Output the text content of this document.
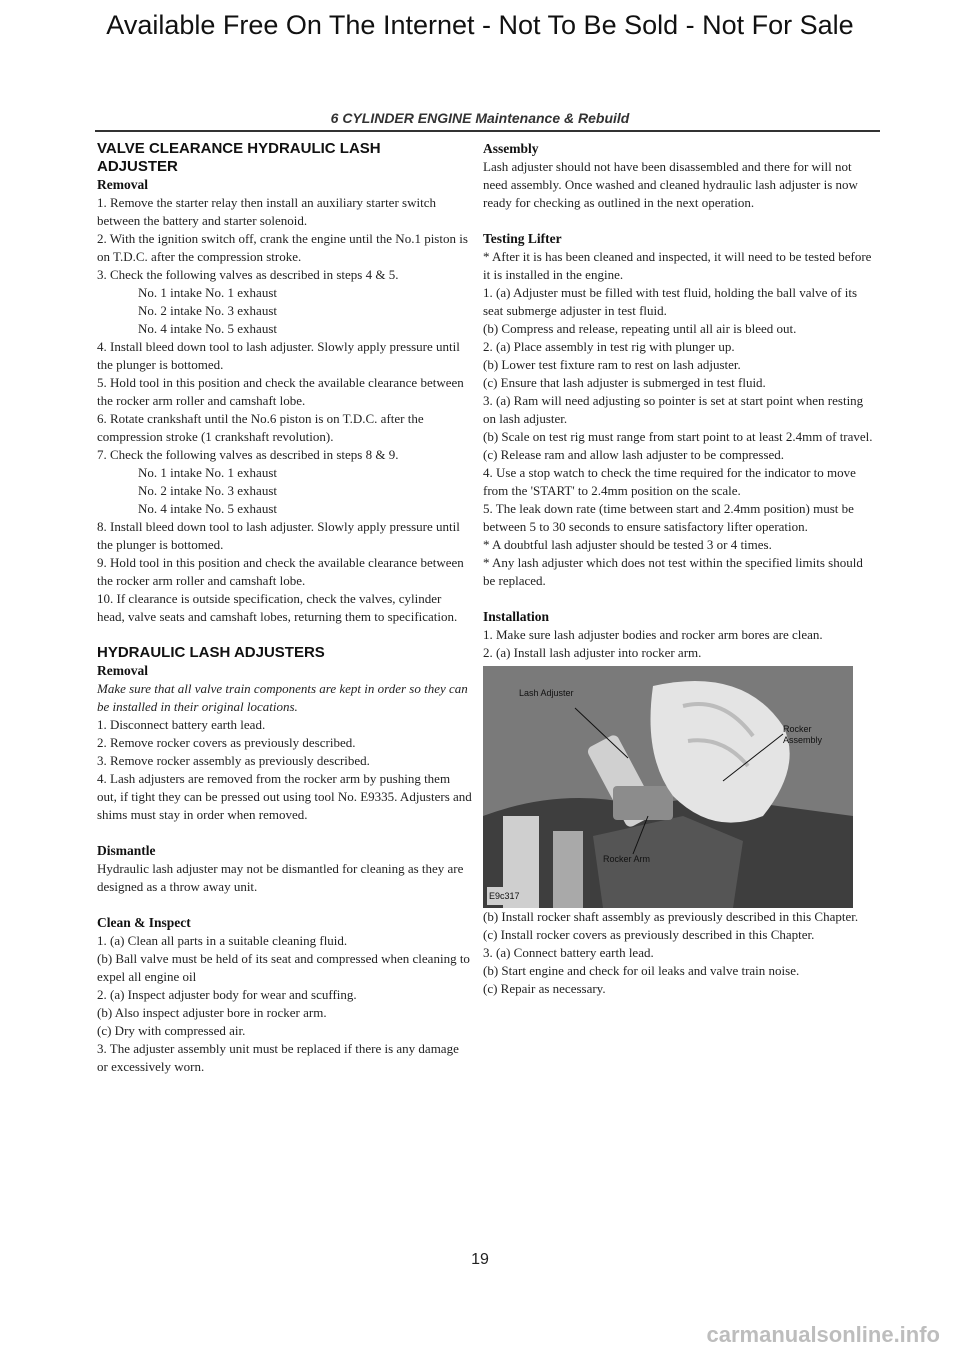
Available Free On The Internet - Not To Be Sold - Not For Sale
6 CYLINDER ENGINE Maintenance & Rebuild
VALVE CLEARANCE HYDRAULIC LASH
ADJUSTER
Removal

1. Remove the starter relay then install an auxiliary starter switch between the battery and starter solenoid.

2. With the ignition switch off, crank the engine until the No.1 piston is on T.D.C. after the compression stroke.

3. Check the following valves as described in steps 4 & 5.

No. 1 intake No. 1 exhaust
No. 2 intake No. 3 exhaust
No. 4 intake No. 5 exhaust

4. Install bleed down tool to lash adjuster. Slowly apply pressure until the plunger is bottomed.

5. Hold tool in this position and check the available clearance between the rocker arm roller and camshaft lobe.

6. Rotate crankshaft until the No.6 piston is on T.D.C. after the compression stroke (1 crankshaft revolution).

7. Check the following valves as described in steps 8 & 9.

No. 1 intake No. 1 exhaust
No. 2 intake No. 3 exhaust
No. 4 intake No. 5 exhaust

8. Install bleed down tool to lash adjuster. Slowly apply pressure until the plunger is bottomed.

9. Hold tool in this position and check the available clearance between the rocker arm roller and camshaft lobe.

10. If clearance is outside specification, check the valves, cylinder head, valve seats and camshaft lobes, returning them to specification.

HYDRAULIC LASH ADJUSTERS
Removal

Make sure that all valve train components are kept in order so they can be installed in their original locations.

1. Disconnect battery earth lead.

2. Remove rocker covers as previously described.

3. Remove rocker assembly as previously described.

4. Lash adjusters are removed from the rocker arm by pushing them out, if tight they can be pressed out using tool No. E9335. Adjusters and shims must stay in order when removed.

Dismantle

Hydraulic lash adjuster may not be dismantled for cleaning as they are designed as a throw away unit.

Clean & Inspect

1. (a) Clean all parts in a suitable cleaning fluid.

(b) Ball valve must be held of its seat and compressed when cleaning to expel all engine oil

2. (a) Inspect adjuster body for wear and scuffing.

(b) Also inspect adjuster bore in rocker arm.

(c) Dry with compressed air.

3. The adjuster assembly unit must be replaced if there is any damage or excessively worn.

Assembly

Lash adjuster should not have been disassembled and there for will not need assembly. Once washed and cleaned hydraulic lash adjuster is now ready for checking as outlined in the next operation.

Testing Lifter

* After it is has been cleaned and inspected, it will need to be tested before it is installed in the engine.

1. (a) Adjuster must be filled with test fluid, holding the ball valve of its seat submerge adjuster in test fluid.

(b) Compress and release, repeating until all air is bleed out.

2. (a) Place assembly in test rig with plunger up.

(b) Lower test fixture ram to rest on lash adjuster.

(c) Ensure that lash adjuster is submerged in test fluid.

3. (a) Ram will need adjusting so pointer is set at start point when resting on lash adjuster.

(b) Scale on test rig must range from start point to at least 2.4mm of travel.

(c) Release ram and allow lash adjuster to be compressed.

4. Use a stop watch to check the time required for the indicator to move from the 'START' to 2.4mm position on the scale.

5. The leak down rate (time between start and 2.4mm position) must be between 5 to 30 seconds to ensure satisfactory lifter operation.

* A doubtful lash adjuster should be tested 3 or 4 times.

* Any lash adjuster which does not test within the specified limits should be replaced.

Installation

1. Make sure lash adjuster bodies and rocker arm bores are clean.

2. (a) Install lash adjuster into rocker arm.

Lash Adjuster
Rocker Assembly
Rocker Arm
E9c317

(b) Install rocker shaft assembly as previously described in this Chapter.

(c) Install rocker covers as previously described in this Chapter.

3. (a) Connect battery earth lead.

(b) Start engine and check for oil leaks and valve train noise.

(c) Repair as necessary.

19
carmanualsonline.info
